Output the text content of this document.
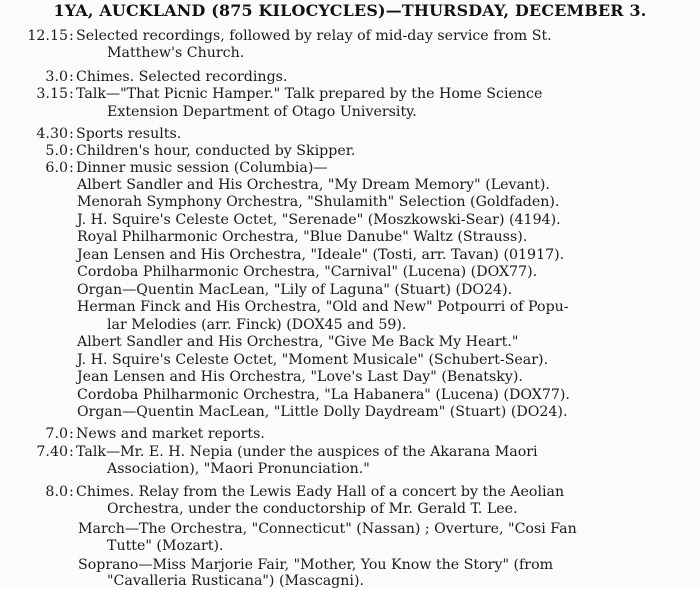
1YA, AUCKLAND (875 KILOCYCLES)—THURSDAY, DECEMBER 3.
12.15 : Selected recordings, followed by relay of mid-day service from St.
Matthew's Church.
3.0 : Chimes. Selected recordings.
3.15 : Talk—"That Picnic Hamper." Talk prepared by the Home Science
Extension Department of Otago University.
4.30 : Sports results.
5.0 : Children's hour, conducted by Skipper.
6.0 : Dinner music session (Columbia)—
Albert Sandler and His Orchestra, "My Dream Memory" (Levant).
Menorah Symphony Orchestra, "Shulamith" Selection (Goldfaden).
J. H. Squire's Celeste Octet, "Serenade" (Moszkowski-Sear) (4194).
Royal Philharmonic Orchestra, "Blue Danube" Waltz (Strauss).
Jean Lensen and His Orchestra, "Ideale" (Tosti, arr. Tavan) (01917).
Cordoba Philharmonic Orchestra, "Carnival" (Lucena) (DOX77).
Organ—Quentin MacLean, "Lily of Laguna" (Stuart) (DO24).
Herman Finck and His Orchestra, "Old and New" Potpourri of Popu-
lar Melodies (arr. Finck) (DOX45 and 59).
Albert Sandler and His Orchestra, "Give Me Back My Heart."
J. H. Squire's Celeste Octet, "Moment Musicale" (Schubert-Sear).
Jean Lensen and His Orchestra, "Love's Last Day" (Benatsky).
Cordoba Philharmonic Orchestra, "La Habanera" (Lucena) (DOX77).
Organ—Quentin MacLean, "Little Dolly Daydream" (Stuart) (DO24).
7.0 : News and market reports.
7.40 : Talk—Mr. E. H. Nepia (under the auspices of the Akarana Maori
Association), "Maori Pronunciation."
8.0 : Chimes. Relay from the Lewis Eady Hall of a concert by the Aeolian
Orchestra, under the conductorship of Mr. Gerald T. Lee.
March—The Orchestra, "Connecticut" (Nassan) ; Overture, "Cosi Fan
Tutte" (Mozart).
Soprano—Miss Marjorie Fair, "Mother, You Know the Story" (from
"Cavalleria Rusticana") (Mascagni).
